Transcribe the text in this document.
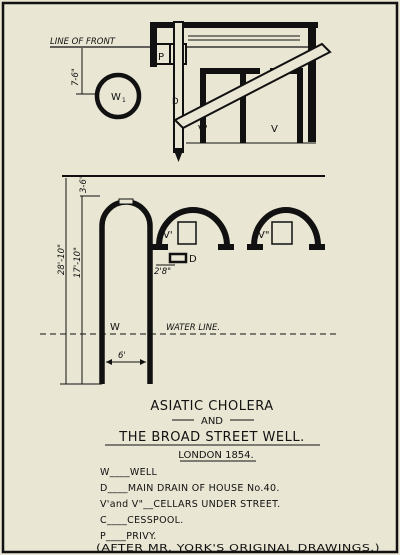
LINE OF FRONT
P
D
V'	V
W 1
7-6"
3-6"
28'-10" 17'-10"
W
6'
WATER LINE.
V'	V"
D
2'8"
ASIATIC CHOLERA
AND
THE BROAD STREET WELL.
LONDON 1854.
W____WELL
D____MAIN DRAIN OF HOUSE No.40.
V'and V"__CELLARS UNDER STREET.
C____CESSPOOL.
P____PRIVY.
(AFTER MR. YORK'S ORIGINAL DRAWINGS.)
